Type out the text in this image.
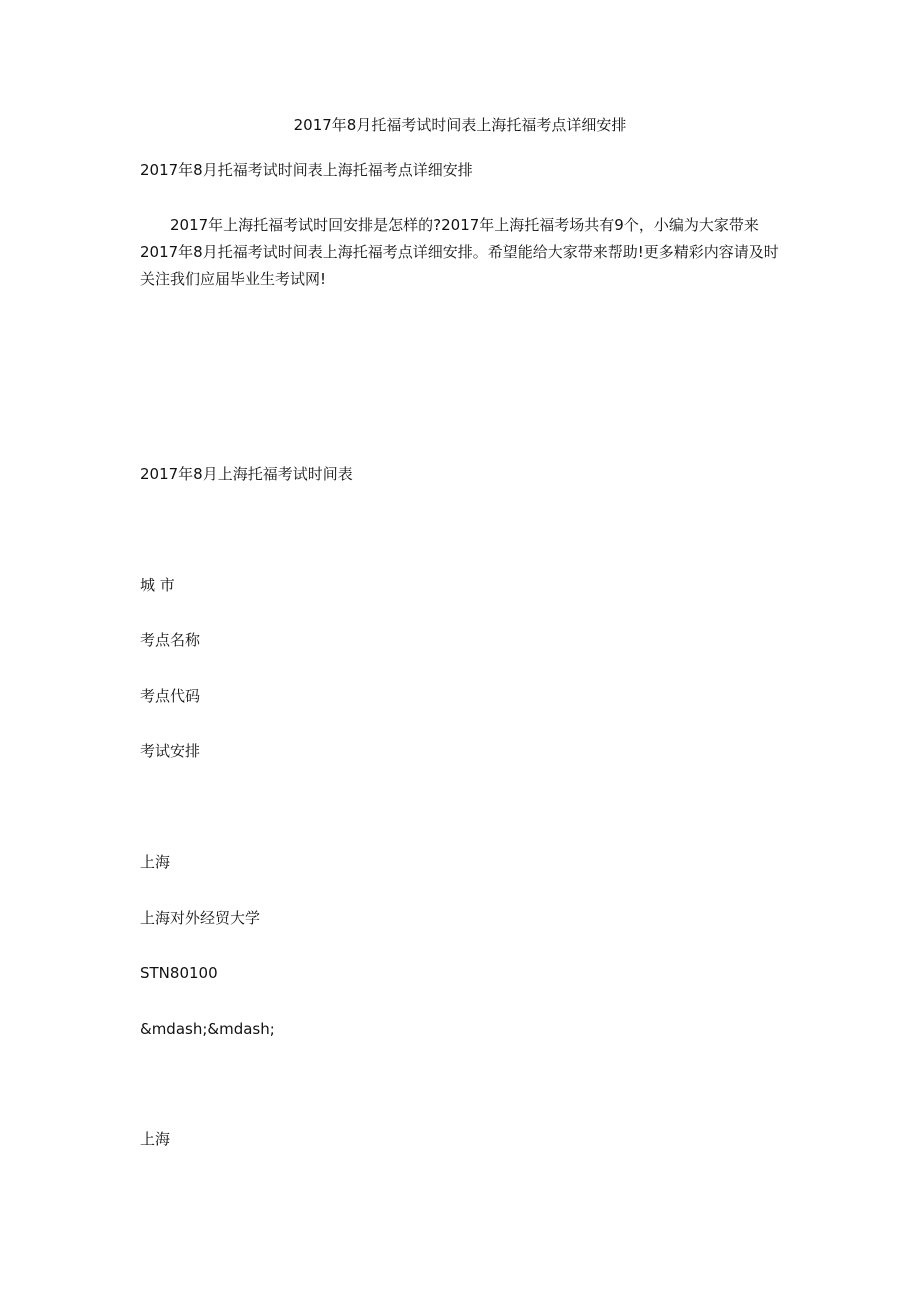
2017年8月托福考试时间表上海托福考点详细安排
2017年8月托福考试时间表上海托福考点详细安排
2017年上海托福考试时回安排是怎样的?2017年上海托福考场共有9个，小编为大家带来2017年8月托福考试时间表上海托福考点详细安排。希望能给大家带来帮助!更多精彩内容请及时关注我们应届毕业生考试网!
2017年8月上海托福考试时间表
城 市
考点名称
考点代码
考试安排
上海
上海对外经贸大学
STN80100
&mdash;&mdash;
上海
